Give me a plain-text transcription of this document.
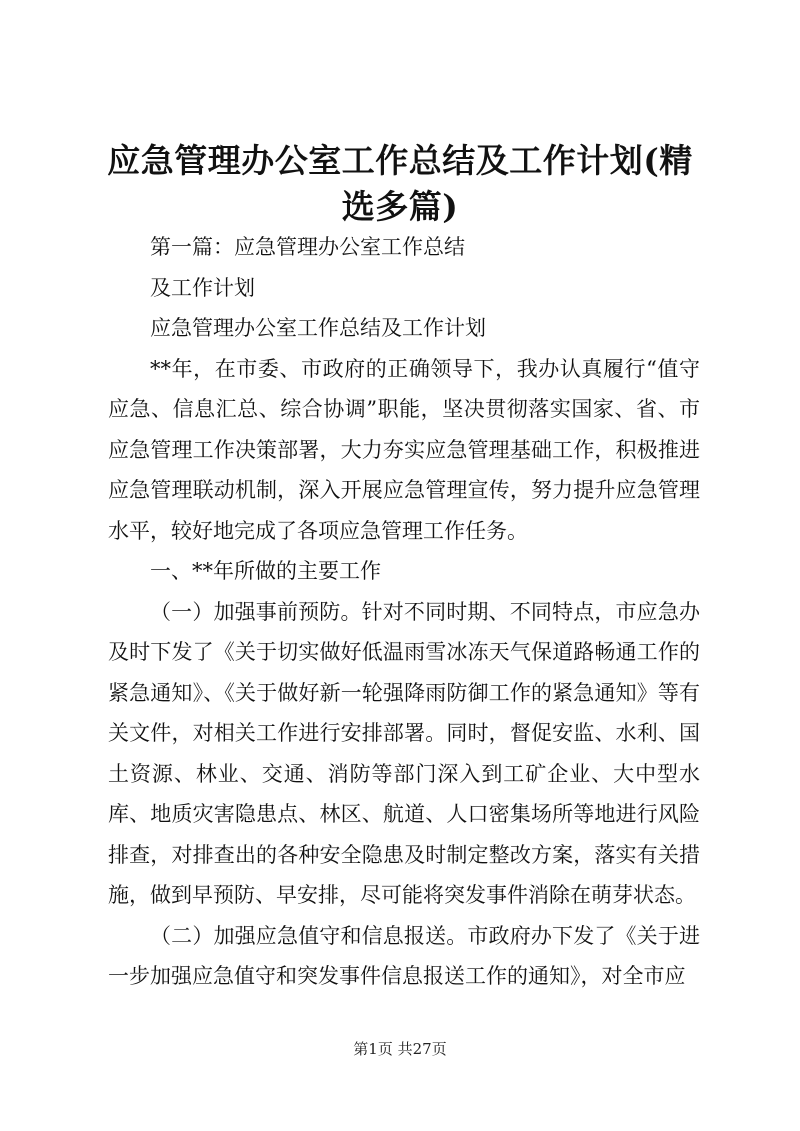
应急管理办公室工作总结及工作计划(精选多篇)

第一篇：应急管理办公室工作总结

及工作计划

应急管理办公室工作总结及工作计划

**年，在市委、市政府的正确领导下，我办认真履行“值守应急、信息汇总、综合协调”职能，坚决贯彻落实国家、省、市应急管理工作决策部署，大力夯实应急管理基础工作，积极推进应急管理联动机制，深入开展应急管理宣传，努力提升应急管理水平，较好地完成了各项应急管理工作任务。

一、**年所做的主要工作

（一）加强事前预防。针对不同时期、不同特点，市应急办及时下发了《关于切实做好低温雨雪冰冻天气保道路畅通工作的紧急通知》、《关于做好新一轮强降雨防御工作的紧急通知》等有关文件，对相关工作进行安排部署。同时，督促安监、水利、国土资源、林业、交通、消防等部门深入到工矿企业、大中型水库、地质灾害隐患点、林区、航道、人口密集场所等地进行风险排查，对排查出的各种安全隐患及时制定整改方案，落实有关措施，做到早预防、早安排，尽可能将突发事件消除在萌芽状态。

（二）加强应急值守和信息报送。市政府办下发了《关于进一步加强应急值守和突发事件信息报送工作的通知》，对全市应

第1页 共27页
